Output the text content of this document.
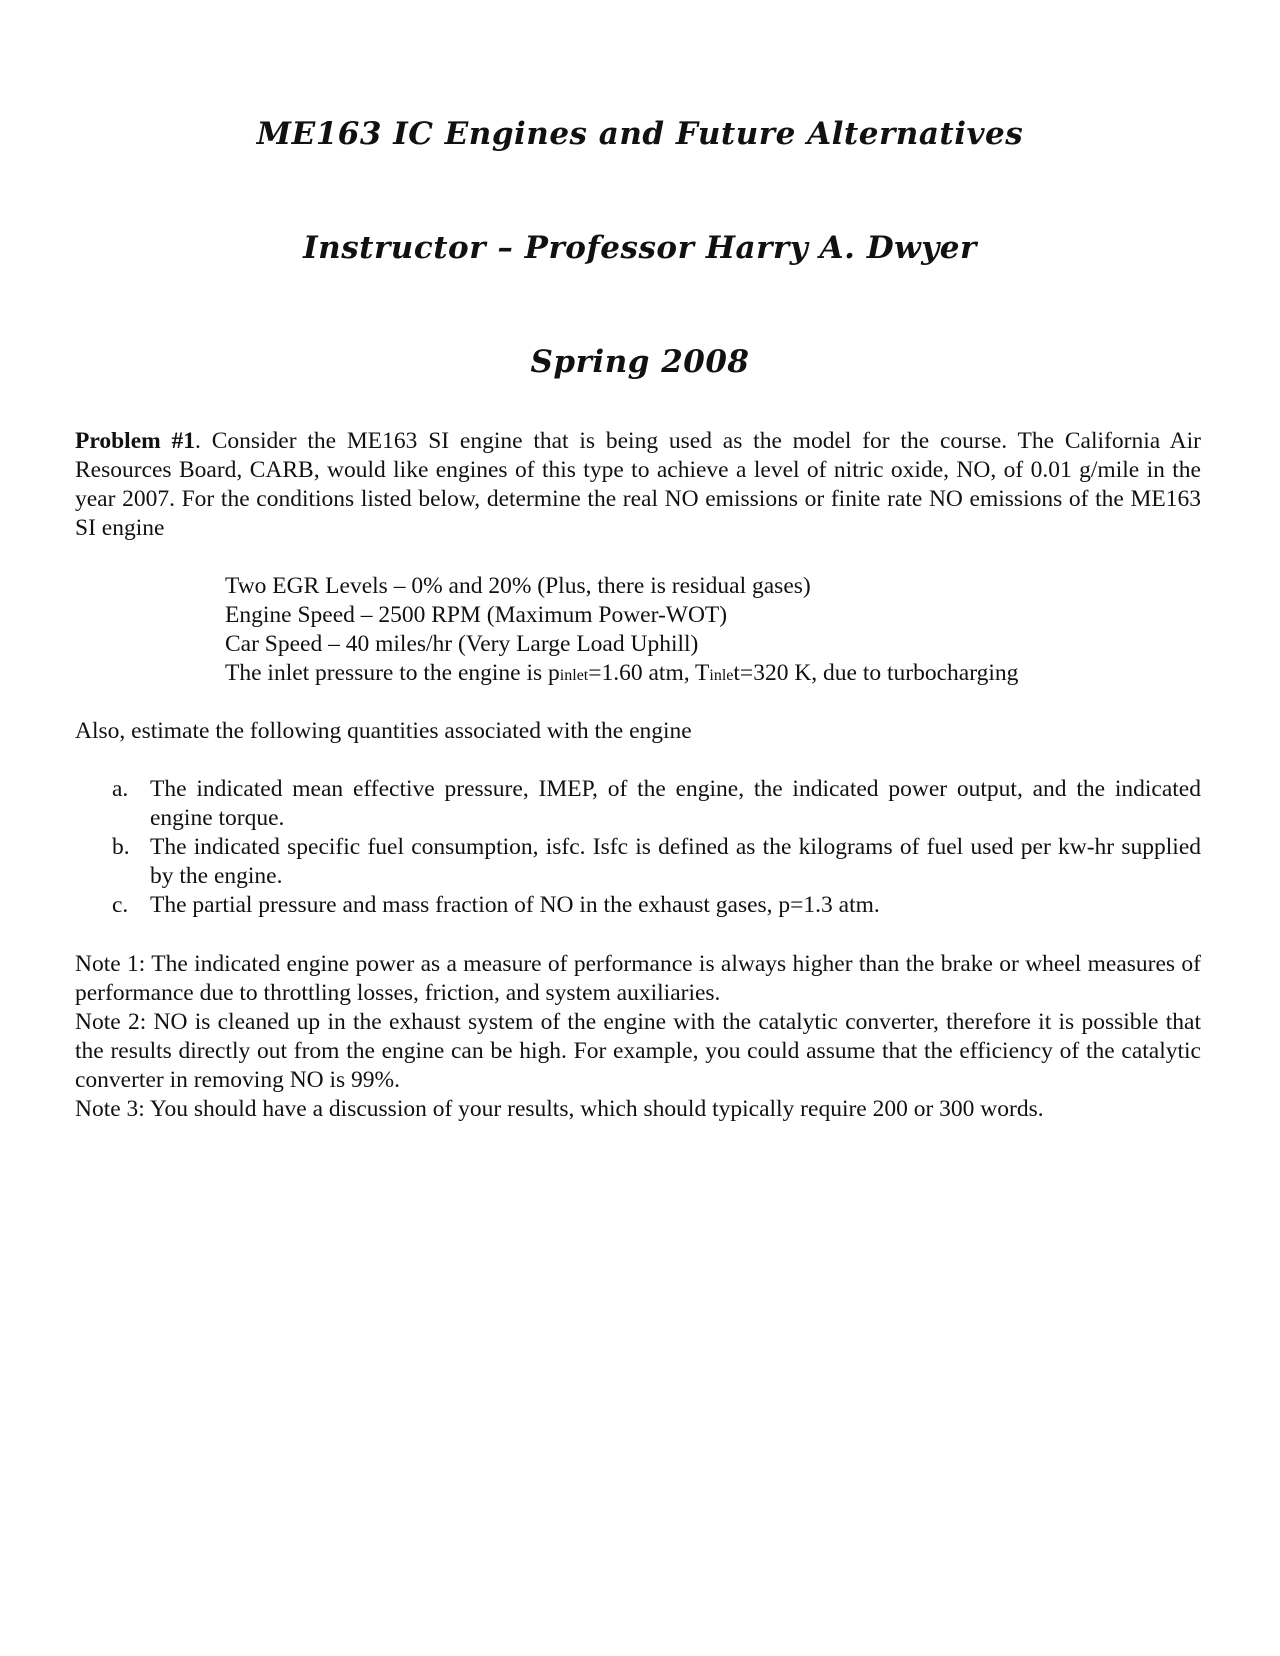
ME163 IC Engines and Future Alternatives
Instructor – Professor Harry A. Dwyer
Spring 2008
Problem #1. Consider the ME163 SI engine that is being used as the model for the course. The California Air Resources Board, CARB, would like engines of this type to achieve a level of nitric oxide, NO, of 0.01 g/mile in the year 2007. For the conditions listed below, determine the real NO emissions or finite rate NO emissions of the ME163 SI engine
Two EGR Levels – 0% and 20% (Plus, there is residual gases)
Engine Speed – 2500 RPM (Maximum Power-WOT)
Car Speed – 40 miles/hr (Very Large Load Uphill)
The inlet pressure to the engine is pinlet=1.60 atm, Tinlet=320 K, due to turbocharging
Also, estimate the following quantities associated with the engine
a. The indicated mean effective pressure, IMEP, of the engine, the indicated power output, and the indicated engine torque.
b. The indicated specific fuel consumption, isfc. Isfc is defined as the kilograms of fuel used per kw-hr supplied by the engine.
c. The partial pressure and mass fraction of NO in the exhaust gases, p=1.3 atm.
Note 1: The indicated engine power as a measure of performance is always higher than the brake or wheel measures of performance due to throttling losses, friction, and system auxiliaries.
Note 2: NO is cleaned up in the exhaust system of the engine with the catalytic converter, therefore it is possible that the results directly out from the engine can be high. For example, you could assume that the efficiency of the catalytic converter in removing NO is 99%.
Note 3: You should have a discussion of your results, which should typically require 200 or 300 words.
